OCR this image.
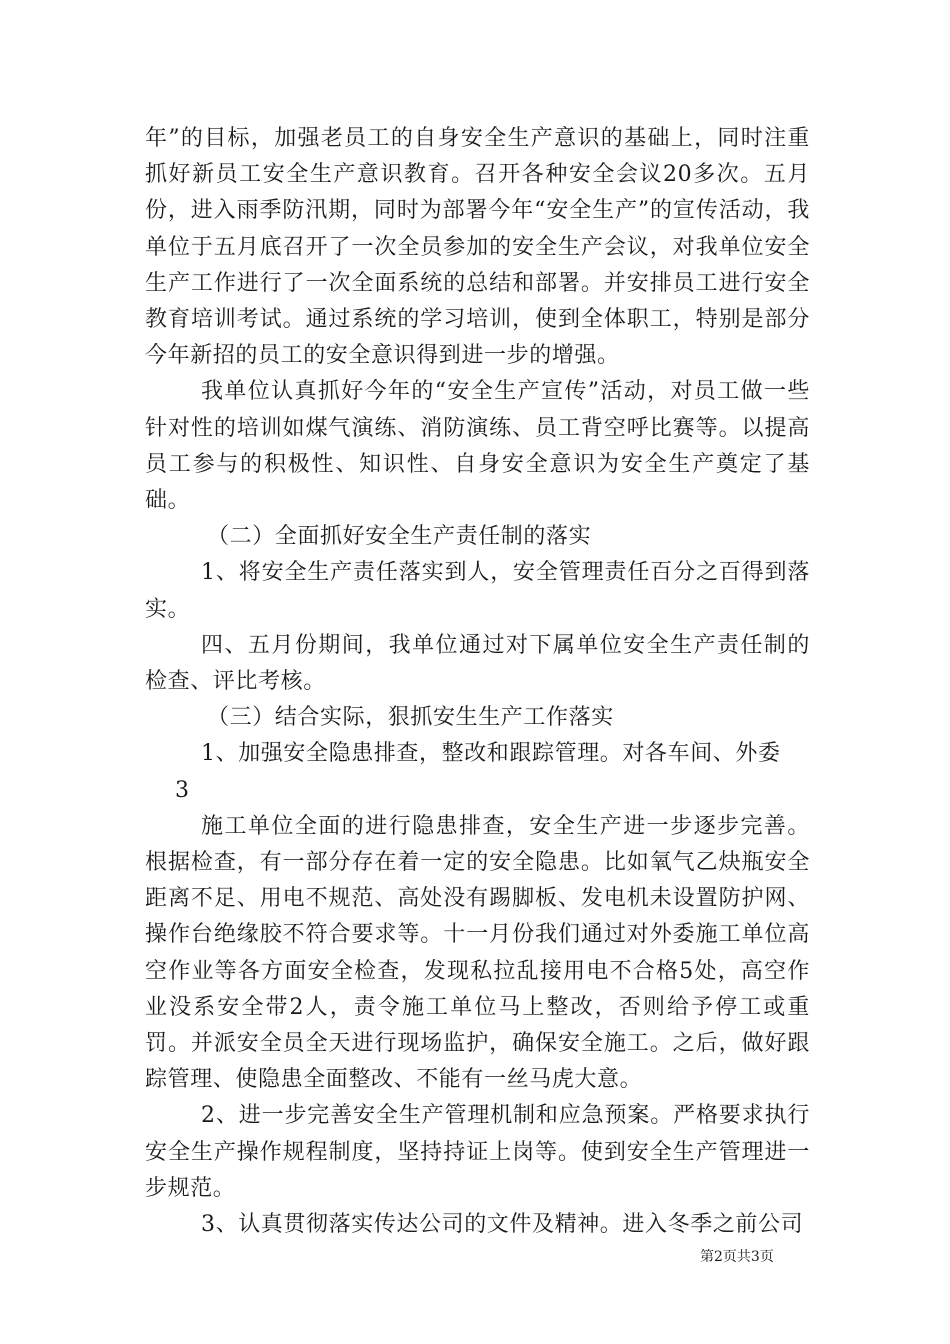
年”的目标，加强老员工的自身安全生产意识的基础上，同时注重抓好新员工安全生产意识教育。召开各种安全会议20多次。五月份，进入雨季防汛期，同时为部署今年“安全生产”的宣传活动，我单位于五月底召开了一次全员参加的安全生产会议，对我单位安全生产工作进行了一次全面系统的总结和部署。并安排员工进行安全教育培训考试。通过系统的学习培训，使到全体职工，特别是部分今年新招的员工的安全意识得到进一步的增强。

我单位认真抓好今年的“安全生产宣传”活动，对员工做一些针对性的培训如煤气演练、消防演练、员工背空呼比赛等。以提高员工参与的积极性、知识性、自身安全意识为安全生产奠定了基础。

（二）全面抓好安全生产责任制的落实

1、将安全生产责任落实到人，安全管理责任百分之百得到落实。

四、五月份期间，我单位通过对下属单位安全生产责任制的检查、评比考核。

（三）结合实际，狠抓安生生产工作落实

1、加强安全隐患排查，整改和跟踪管理。对各车间、外委

3

施工单位全面的进行隐患排查，安全生产进一步逐步完善。根据检查，有一部分存在着一定的安全隐患。比如氧气乙炔瓶安全距离不足、用电不规范、高处没有踢脚板、发电机未设置防护网、操作台绝缘胶不符合要求等。十一月份我们通过对外委施工单位高空作业等各方面安全检查，发现私拉乱接用电不合格5处，高空作业没系安全带2人，责令施工单位马上整改，否则给予停工或重罚。并派安全员全天进行现场监护，确保安全施工。之后，做好跟踪管理、使隐患全面整改、不能有一丝马虎大意。

2、进一步完善安全生产管理机制和应急预案。严格要求执行安全生产操作规程制度，坚持持证上岗等。使到安全生产管理进一步规范。

3、认真贯彻落实传达公司的文件及精神。进入冬季之前公司

第2页共3页
